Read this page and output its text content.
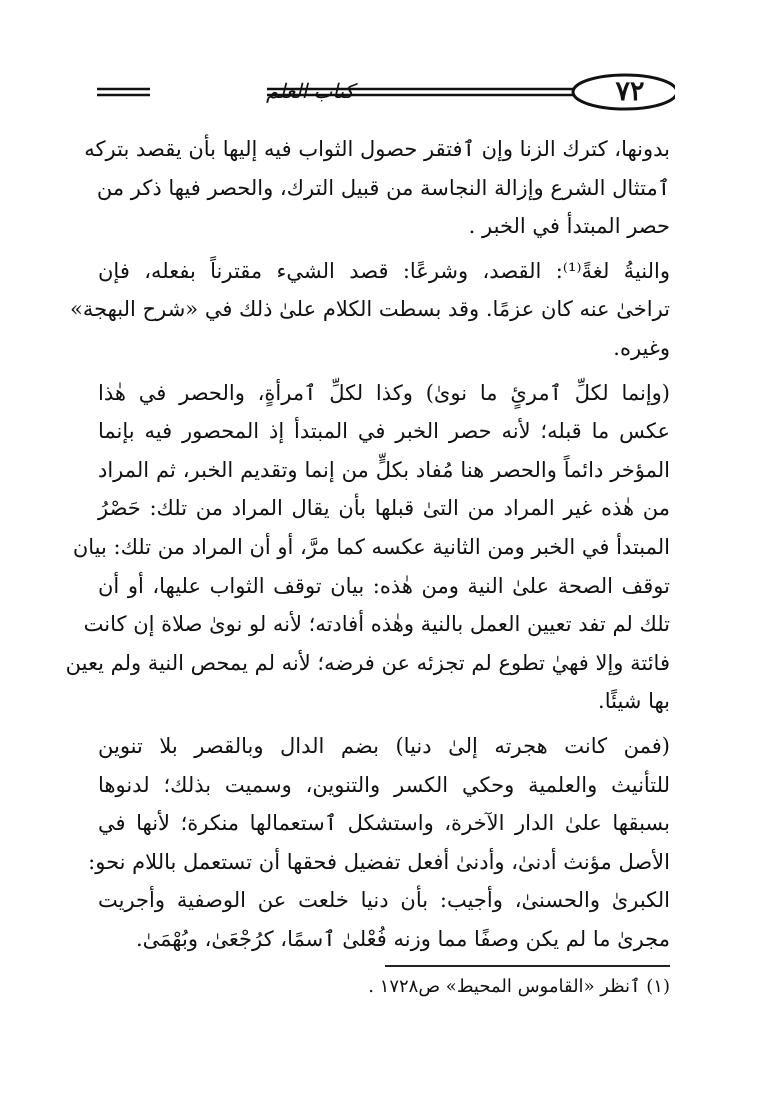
٧٢
كتاب العلم
بدونها، كترك الزنا وإن ٱفتقر حصول الثواب فيه إليها بأن يقصد بتركه
ٱمتثال الشرع وإزالة النجاسة من قبيل الترك، والحصر فيها ذكر من
حصر المبتدأ في الخبر .
والنيةُ لغةً⁽¹⁾: القصد، وشرعًا: قصد الشيء مقترناً بفعله، فإن
تراخىٰ عنه كان عزمًا. وقد بسطت الكلام علىٰ ذلك في «شرح البهجة»
وغيره.
(وإنما لكلِّ ٱمرئٍ ما نوىٰ) وكذا لكلِّ ٱمرأةٍ، والحصر في هٰذا
عكس ما قبله؛ لأنه حصر الخبر في المبتدأ إذ المحصور فيه بإنما
المؤخر دائماً والحصر هنا مُفاد بكلٍّ من إنما وتقديم الخبر، ثم المراد
من هٰذه غير المراد من التىٰ قبلها بأن يقال المراد من تلك: حَصْرُ
المبتدأ في الخبر ومن الثانية عكسه كما مرَّ، أو أن المراد من تلك: بيان
توقف الصحة علىٰ النية ومن هٰذه: بيان توقف الثواب عليها، أو أن
تلك لم تفد تعيين العمل بالنية وهٰذه أفادته؛ لأنه لو نوىٰ صلاة إن كانت
فائتة وإلا فهيٰ تطوع لم تجزئه عن فرضه؛ لأنه لم يمحص النية ولم يعين
بها شيئًا.
(فمن كانت هجرته إلىٰ دنيا) بضم الدال وبالقصر بلا تنوين
للتأنيث والعلمية وحكي الكسر والتنوين، وسميت بذلك؛ لدنوها
بسبقها علىٰ الدار الآخرة، واستشكل ٱستعمالها منكرة؛ لأنها في
الأصل مؤنث أدنىٰ، وأدنىٰ أفعل تفضيل فحقها أن تستعمل باللام نحو:
الكبرىٰ والحسنىٰ، وأجيب: بأن دنيا خلعت عن الوصفية وأجريت
مجرىٰ ما لم يكن وصفًا مما وزنه فُعْلىٰ ٱسمًا، كرُجْعَىٰ، وبُهْمَىٰ.
(١) ٱنظر «القاموس المحيط» ص١٧٢٨ .
